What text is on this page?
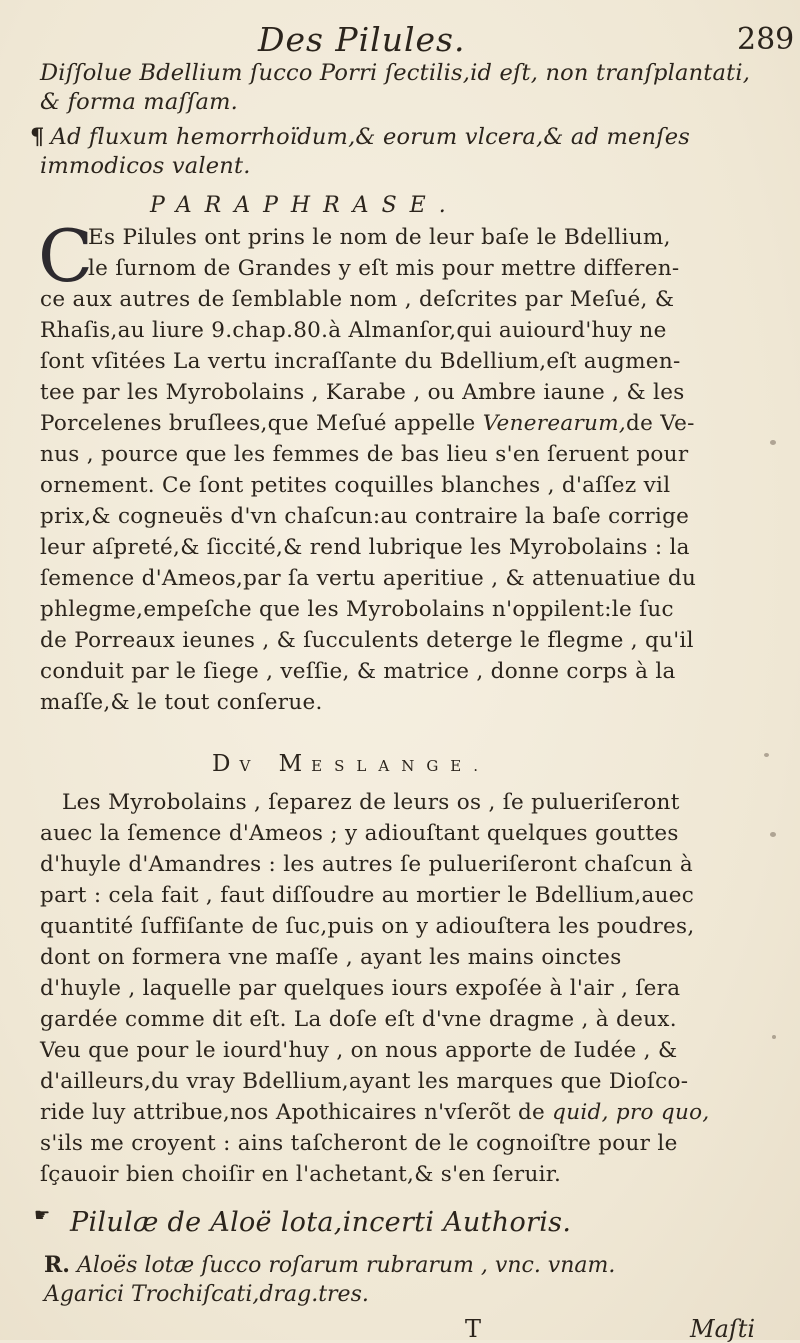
Des Pilules.	289
Diſſolue Bdellium ſucco Porri ſectilis,id eſt, non tranſplantati,
& forma maſſam.
¶ Ad fluxum hemorrhoïdum,& eorum vlcera,& ad menſes
immodicos valent.
PARAPHRASE.
C
Es Pilules ont prins le nom de leur baſe le Bdellium,
le ſurnom de Grandes y eſt mis pour mettre differen-
ce aux autres de ſemblable nom , deſcrites par Meſué, &
Rhaſis,au liure 9.chap.80.à Almanſor,qui auiourd'huy ne
ſont vſitées La vertu incraſſante du Bdellium,eſt augmen-
tee par les Myrobolains , Karabe , ou Ambre iaune , & les
Porcelenes bruſlees,que Meſué appelle Venerearum,de Ve-
nus , pource que les femmes de bas lieu s'en ſeruent pour
ornement. Ce ſont petites coquilles blanches , d'aſſez vil
prix,& cogneuës d'vn chaſcun:au contraire la baſe corrige
leur aſpreté,& ſiccité,& rend lubrique les Myrobolains : la
ſemence d'Ameos,par ſa vertu aperitiue , & attenuatiue du
phlegme,empeſche que les Myrobolains n'oppilent:le ſuc
de Porreaux ieunes , & ſucculents deterge le flegme , qu'il
conduit par le ſiege , veſſie, & matrice , donne corps à la
maſſe,& le tout conſerue.
DV MESLANGE.
Les Myrobolains , ſeparez de leurs os , ſe pulueriſeront
auec la ſemence d'Ameos ; y adiouſtant quelques gouttes
d'huyle d'Amandres : les autres ſe pulueriſeront chaſcun à
part : cela fait , faut diſſoudre au mortier le Bdellium,auec
quantité ſuffiſante de ſuc,puis on y adiouſtera les poudres,
dont on formera vne maſſe , ayant les mains oinctes
d'huyle , laquelle par quelques iours expoſée à l'air , ſera
gardée comme dit eſt. La doſe eſt d'vne dragme , à deux.
Veu que pour le iourd'huy , on nous apporte de Iudée , &
d'ailleurs,du vray Bdellium,ayant les marques que Dioſco-
☛ Pilulæ de Aloë lota,incerti Authoris.
R. Aloës lotæ ſucco roſarum rubrarum , vnc. vnam.
Agarici Trochiſcati,drag.tres.
T	Maſti
ride luy attribue,nos Apothicaires n'vſerõt de quid, pro quo,
s'ils me croyent : ains taſcheront de le cognoiſtre pour le
ſçauoir bien choiſir en l'achetant,& s'en ſeruir.
